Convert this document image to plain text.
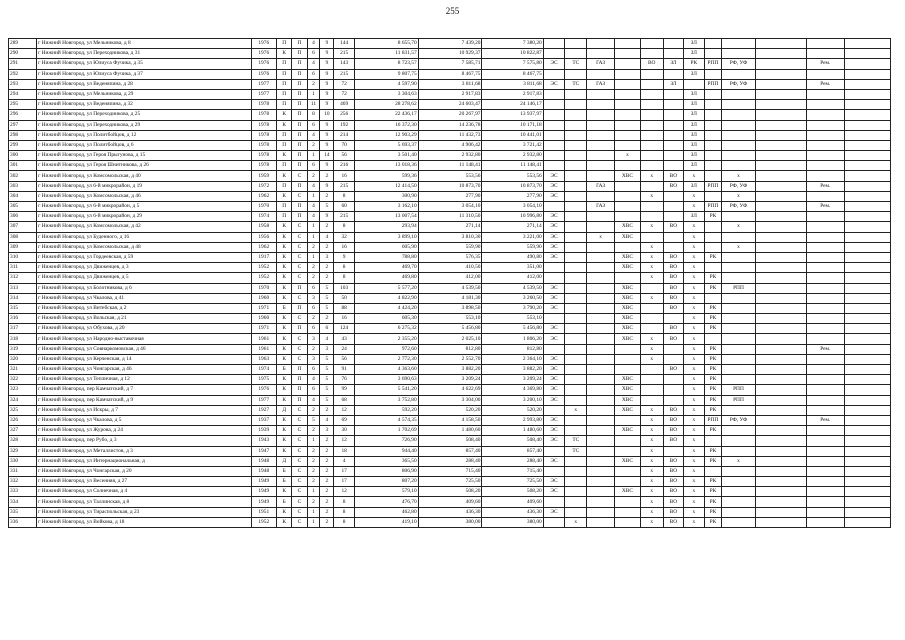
255
289	г Нижний Новгород, ул Мельникова, д 8	1976	П	П	4	9	144	8 655,70	7 439,20	7 380,20							ЗЛ					
290	г Нижний Новгород, ул Переходникова, д 31	1976	К	П	6	9	215	11 831,57	10 929,37	10 822,87							ЗЛ					
291	г Нижний Новгород, ул Юлиуса Фучика, д 35	1976	П	П	4	9	143	8 723,57	7 585,71	7 575,80	ЭС	ТС	ГАЗ		ВО	ЗЛ	РК	РПП	РФ, УФ		Рем.	
292	г Нижний Новгород, ул Юлиуса Фучика, д 37	1976	П	П	6	9	215	9 807,75	8 467,75	8 467,75							ЗЛ					
293	г Нижний Новгород, ул Веденяпина, д 28	1977	П	П	2	9	72	4 597,90	3 811,68	3 811,68	ЭС	ТС	ГАЗ			ЗЛ		РПП	РФ, УФ		Рем.	
294	г Нижний Новгород, ул Мельникова, д 29	1977	П	П	1	9	72	3 304,63	2 917,83	2 917,83							ЗЛ					
295	г Нижний Новгород, ул Веденяпина, д 32	1978	П	П	11	9	469	28 278,62	24 603,47	24 146,17							ЗЛ					
296	г Нижний Новгород, ул Переходникова, д 25	1978	К	П	8	10	256	22 436,17	20 267,97	13 937,97							ЗЛ					
297	г Нижний Новгород, ул Переходникова, д 29	1978	К	П	6	9	192	16 372,30	14 236,78	10 171,18							ЗЛ					
298	г Нижний Новгород, ул Политбойцов, д 12	1978	П	П	4	9	214	12 903,29	11 432,73	10 441,01							ЗЛ					
299	г Нижний Новгород, ул Политбойцов, д 6	1978	П	П	2	9	70	5 693,37	4 906,42	3 721,42							ЗЛ					
300	г Нижний Новгород, ул Героя Прыгунова, д 15	1978	К	П	1	14	56	3 501,40	2 932,80	2 932,80				х			ЗЛ					
301	г Нижний Новгород, ул Героя Шнитникова, д 26	1978	П	П	6	9	216	13 018,36	11 148,41	11 148,41							ЗЛ					
302	г Нижний Новгород, ул Комсомольская, д 40	1959	К	С	2	2	16	599,36	553,56	553,56	ЭС			ХВС	х	ВО	х		х			
303	г Нижний Новгород, ул 6-й микрорайон, д 19	1972	П	П	4	9	215	12 414,50	10 873,70	10 873,70	ЭС		ГАЗ			ВО	ЗЛ	РПП	РФ, УФ		Рем.	
304	г Нижний Новгород, ул Комсомольская, д 46	1962	К	С	1	2	8	300,90	277,90	277,90	ЭС				х		х		х			
305	г Нижний Новгород, ул 6-й микрорайон, д 5	1970	П	П	4	5	60	3 162,10	3 054,10	3 054,10			ГАЗ				х	РПП	РФ, УФ		Рем.	
306	г Нижний Новгород, ул 6-й микрорайон, д 29	1974	П	П	4	9	215	13 007,54	11 310,50	10 996,80	ЭС						ЗЛ	РК				
307	г Нижний Новгород, ул Комсомольская, д 42	1958	К	С	1	2	8	293,94	271,14	271,14	ЭС			ХВС	х	ВО	х		х			
308	г Нижний Новгород, ул Буденного, д 16	1956	К	С	1	4	32	3 899,10	3 810,30	3 221,00	ЭС		х	ХВС			х					
309	г Нижний Новгород, ул Комсомольская, д 48	1962	К	С	2	2	16	605,90	559,90	559,90	ЭС				х		х		х			
310	г Нижний Новгород, ул Гордеевская, д 59	1917	К	С	1	3	9	788,80	576,35	490,80	ЭС			ХВС	х	ВО	х	РК				
311	г Нижний Новгород, ул Движенцев, д 3	1952	К	С	2	2	8	469,70	410,50	351,00				ХВС	х	ВО	х					
312	г Нижний Новгород, ул Движенцев, д 5	1952	К	С	2	2	8	469,80	412,00	412,00					х	ВО	х	РК				
313	г Нижний Новгород, ул Болотникова, д 6	1970	К	П	6	5	103	5 577,20	4 539,50	4 539,50	ЭС			ХВС		ВО	х	РК	РПП			
314	г Нижний Новгород, ул Чкалова, д 41	1960	К	С	3	5	50	4 822,90	4 181,30	3 260,50	ЭС			ХВС	х	ВО	х					
315	г Нижний Новгород, ул Витебская, д 2	1971	Б	П	6	5	88	4 424,20	3 898,50	3 790,20	ЭС			ХВС		ВО	х	РК				
316	г Нижний Новгород, ул Вольская, д 21	1960	К	С	2	2	16	605,30	553,10	553,10				ХВС			х	РК				
317	г Нижний Новгород, ул Обухова, д 20	1971	К	П	6	6	124	6 275,32	5 456,80	5 456,80	ЭС			ХВС		ВО	х	РК				
318	г Нижний Новгород, ул Народно-выставочная	1961	К	С	3	4	43	2 355,20	2 025,10	1 806,20	ЭС			ХВС	х	ВО	х					
319	г Нижний Новгород, ул Совнаркомовская, д 46	1961	К	С	2	3	24	972,60	812,80	812,80					х		х	РК			Рем.	
320	г Нижний Новгород, ул Керченская, д 14	1963	К	С	3	5	56	2 772,30	2 552,70	2 364,10	ЭС				х		х	РК				
321	г Нижний Новгород, ул Чонгарская, д 46	1974	Б	П	6	5	91	4 363,60	3 882,20	3 882,20	ЭС					ВО	х	РК				
322	г Нижний Новгород, ул Тепличная, д 12	1975	К	П	4	5	76	3 690,63	3 209,24	3 209,24	ЭС			ХВС			х	РК				
323	г Нижний Новгород, пер Камчатский, д 7	1976	К	П	6	5	99	5 541,20	4 622,69	4 369,80	ЭС			ХВС			х	РК	РПП			
324	г Нижний Новгород, пер Камчатский, д 9	1977	К	П	4	5	68	3 752,80	3 304,00	3 200,10	ЭС			ХВС			х	РК	РПП			
325	г Нижний Новгород, ул Искры, д 7	1927	Д	С	2	2	12	592,20	520,20	520,20		х		ХВС	х	ВО	х	РК				
326	г Нижний Новгород, ул Чкалова, д 5	1937	К	С	5	4	69	4 574,35	4 158,50	2 993,80	ЭС				х	ВО	х	РПП	РФ, УФ		Рем.	
327	г Нижний Новгород, ул Журова, д 24	1939	К	С	2	3	30	1 702,69	1 480,60	1 480,60	ЭС			ХВС	х	ВО	х	РК				
328	г Нижний Новгород, пер Рубо, д 3	1943	К	С	1	2	12	726,90	508,40	508,40	ЭС	ТС			х	ВО	х					
329	г Нижний Новгород, ул Металлистов, д 3	1947	К	С	2	2	18	944,40	857,40	857,40		ТС			х		х	РК				
330	г Нижний Новгород, ул Интернациональная, д	1948	Д	С	2	2	4	365,50	288,40	288,40	ЭС			ХВС	х	ВО	х	РК	х			
331	г Нижний Новгород, ул Чонгарская, д 20	1948	Б	С	2	2	17	806,90	715,40	715,40					х	ВО	х					
332	г Нижний Новгород, ул Весенняя, д 27	1949	Б	С	2	2	17	807,20	725,50	725,50	ЭС				х	ВО	х	РК				
333	г Нижний Новгород, ул Солнечная, д 4	1949	К	С	1	2	12	579,10	508,20	508,20	ЭС			ХВС	х	ВО	х	РК				
334	г Нижний Новгород, ул Таллинская, д 8	1949	Б	С	2	2	8	476,70	409,60	409,60					х	ВО	х	РК				
335	г Нижний Новгород, ул Тираспольская, д 23	1951	К	С	1	2	8	462,80	436,30	436,30	ЭС				х	ВО	х	РК				
336	г Нижний Новгород, ул Войкова, д 18	1952	К	С	1	2	8	419,10	380,00	380,00		х			х	ВО	х	РК				
